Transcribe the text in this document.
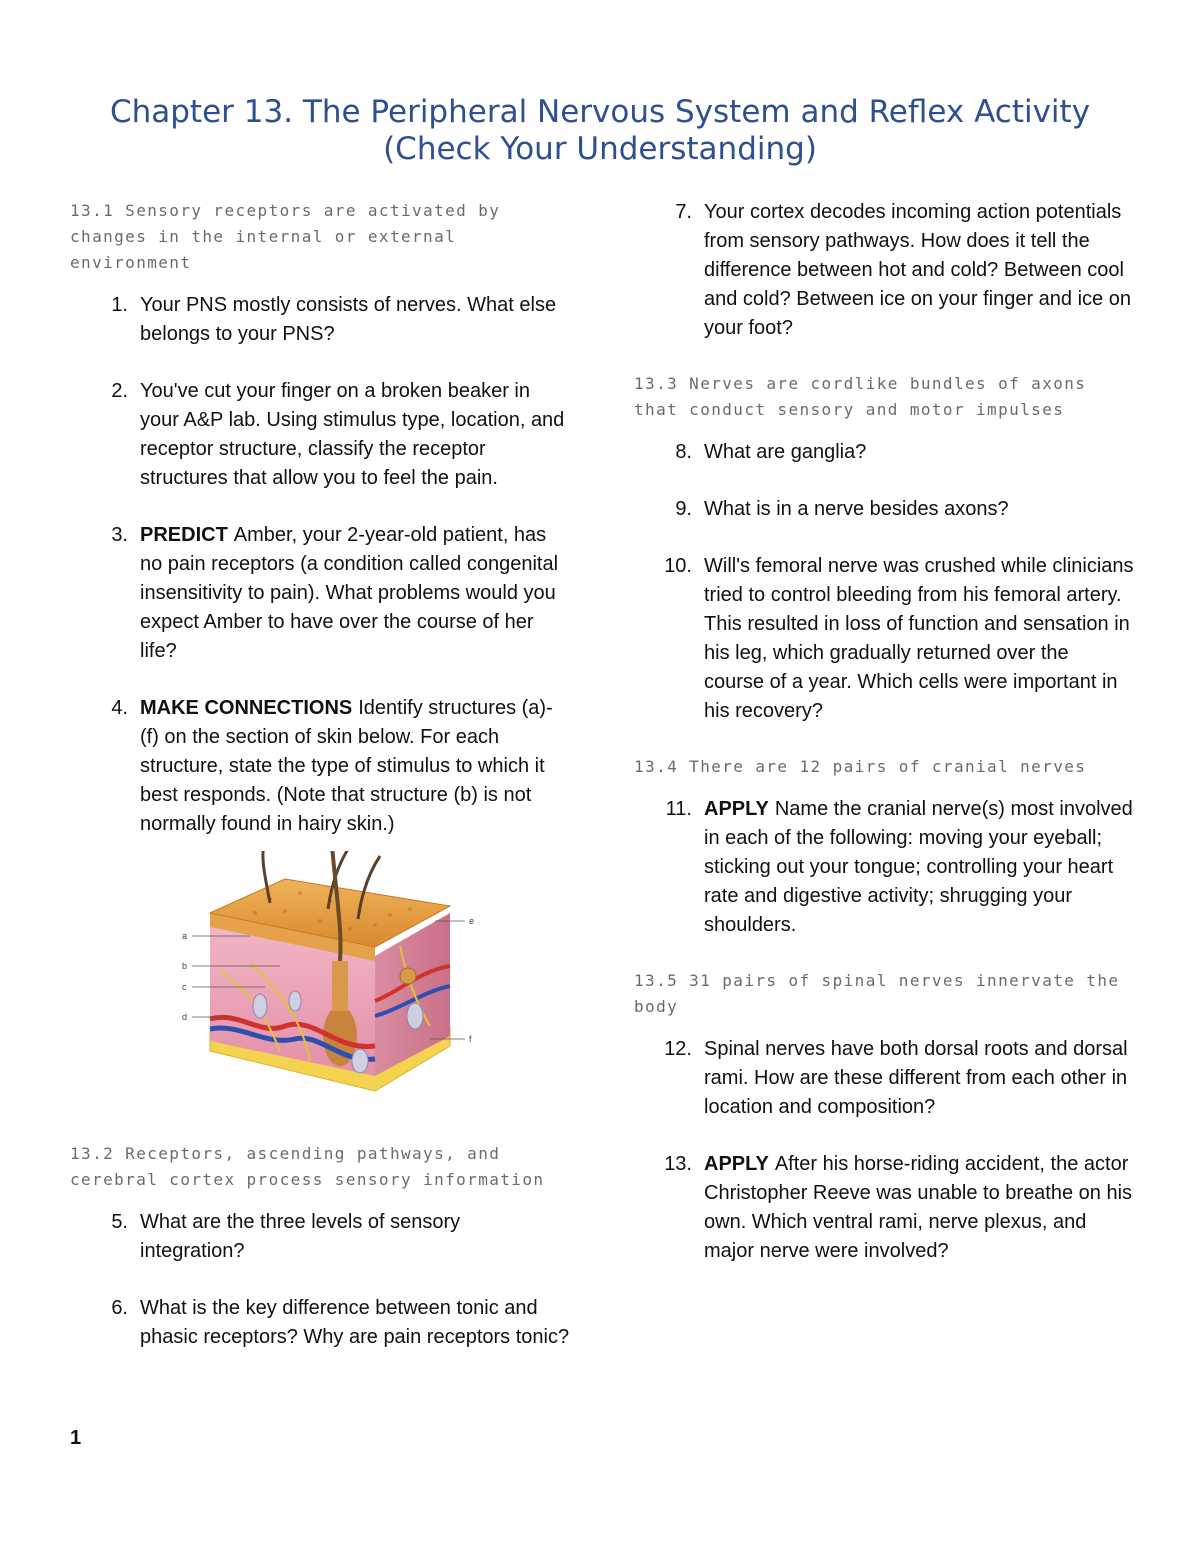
Chapter 13. The Peripheral Nervous System and Reflex Activity
(Check Your Understanding)
13.1 Sensory receptors are activated by changes in the internal or external environment
1. Your PNS mostly consists of nerves. What else belongs to your PNS?
2. You've cut your finger on a broken beaker in your A&P lab. Using stimulus type, location, and receptor structure, classify the receptor structures that allow you to feel the pain.
3. PREDICT Amber, your 2-year-old patient, has no pain receptors (a condition called congenital insensitivity to pain). What problems would you expect Amber to have over the course of her life?
4. MAKE CONNECTIONS Identify structures (a)-(f) on the section of skin below. For each structure, state the type of stimulus to which it best responds. (Note that structure (b) is not normally found in hairy skin.)
a
b
c
d
e
f
13.2 Receptors, ascending pathways, and cerebral cortex process sensory information
5. What are the three levels of sensory integration?
6. What is the key difference between tonic and phasic receptors? Why are pain receptors tonic?
7. Your cortex decodes incoming action potentials from sensory pathways. How does it tell the difference between hot and cold? Between cool and cold? Between ice on your finger and ice on your foot?
13.3 Nerves are cordlike bundles of axons that conduct sensory and motor impulses
8. What are ganglia?
9. What is in a nerve besides axons?
10. Will's femoral nerve was crushed while clinicians tried to control bleeding from his femoral artery. This resulted in loss of function and sensation in his leg, which gradually returned over the course of a year. Which cells were important in his recovery?
13.4 There are 12 pairs of cranial nerves
11. APPLY Name the cranial nerve(s) most involved in each of the following: moving your eyeball; sticking out your tongue; controlling your heart rate and digestive activity; shrugging your shoulders.
13.5 31 pairs of spinal nerves innervate the body
12. Spinal nerves have both dorsal roots and dorsal rami. How are these different from each other in location and composition?
13. APPLY After his horse-riding accident, the actor Christopher Reeve was unable to breathe on his own. Which ventral rami, nerve plexus, and major nerve were involved?
1
